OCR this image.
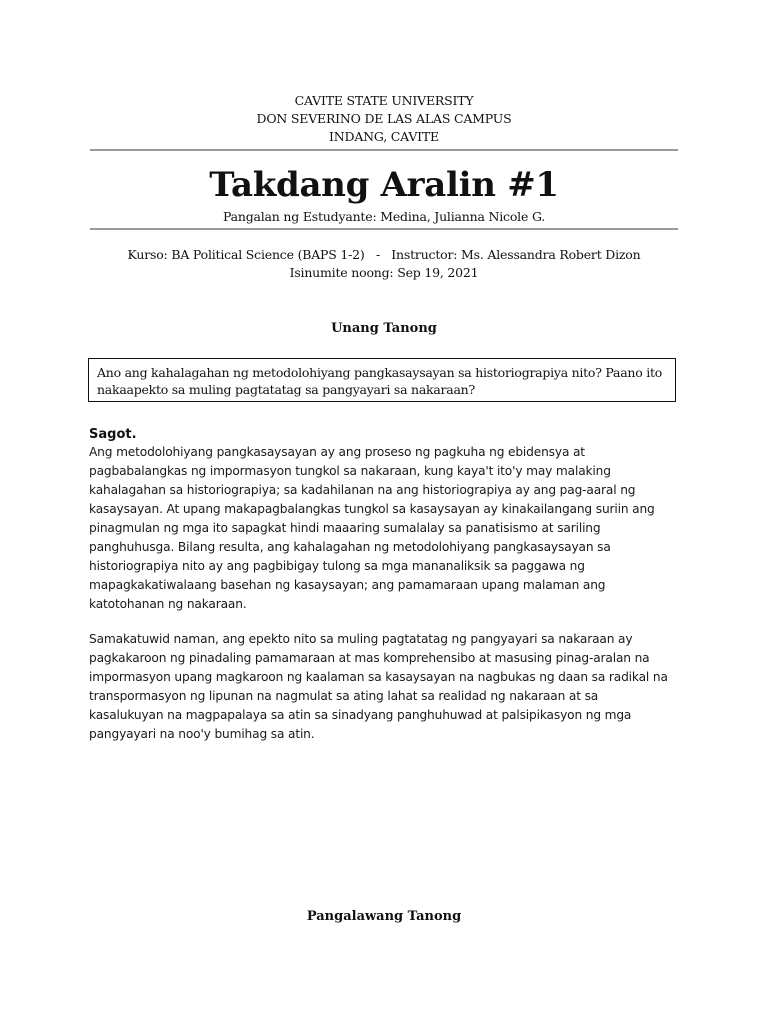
CAVITE STATE UNIVERSITY
DON SEVERINO DE LAS ALAS CAMPUS
INDANG, CAVITE
Takdang Aralin #1
Pangalan ng Estudyante: Medina, Julianna Nicole G.
Kurso: BA Political Science (BAPS 1-2)   -   Instructor: Ms. Alessandra Robert Dizon
Isinumite noong: Sep 19, 2021
Unang Tanong
Ano ang kahalagahan ng metodolohiyang pangkasaysayan sa historiograpiya nito? Paano ito nakaapekto sa muling pagtatatag sa pangyayari sa nakaraan?
Sagot.
Ang metodolohiyang pangkasaysayan ay ang proseso ng pagkuha ng ebidensya at
pagbabalangkas ng impormasyon tungkol sa nakaraan, kung kaya't ito'y may malaking
kahalagahan sa historiograpiya; sa kadahilanan na ang historiograpiya ay ang pag-aaral ng
kasaysayan. At upang makapagbalangkas tungkol sa kasaysayan ay kinakailangang suriin ang
pinagmulan ng mga ito sapagkat hindi maaaring sumalalay sa panatisismo at sariling
panghuhusga. Bilang resulta, ang kahalagahan ng metodolohiyang pangkasaysayan sa
historiograpiya nito ay ang pagbibigay tulong sa mga mananaliksik sa paggawa ng
mapagkakatiwalaang basehan ng kasaysayan; ang pamamaraan upang malaman ang
katotohanan ng nakaraan.
Samakatuwid naman, ang epekto nito sa muling pagtatatag ng pangyayari sa nakaraan ay
pagkakaroon ng pinadaling pamamaraan at mas komprehensibo at masusing pinag-aralan na
impormasyon upang magkaroon ng kaalaman sa kasaysayan na nagbukas ng daan sa radikal na
transpormasyon ng lipunan na nagmulat sa ating lahat sa realidad ng nakaraan at sa
kasalukuyan na magpapalaya sa atin sa sinadyang panghuhuwad at palsipikasyon ng mga
pangyayari na noo'y bumihag sa atin.
Pangalawang Tanong
